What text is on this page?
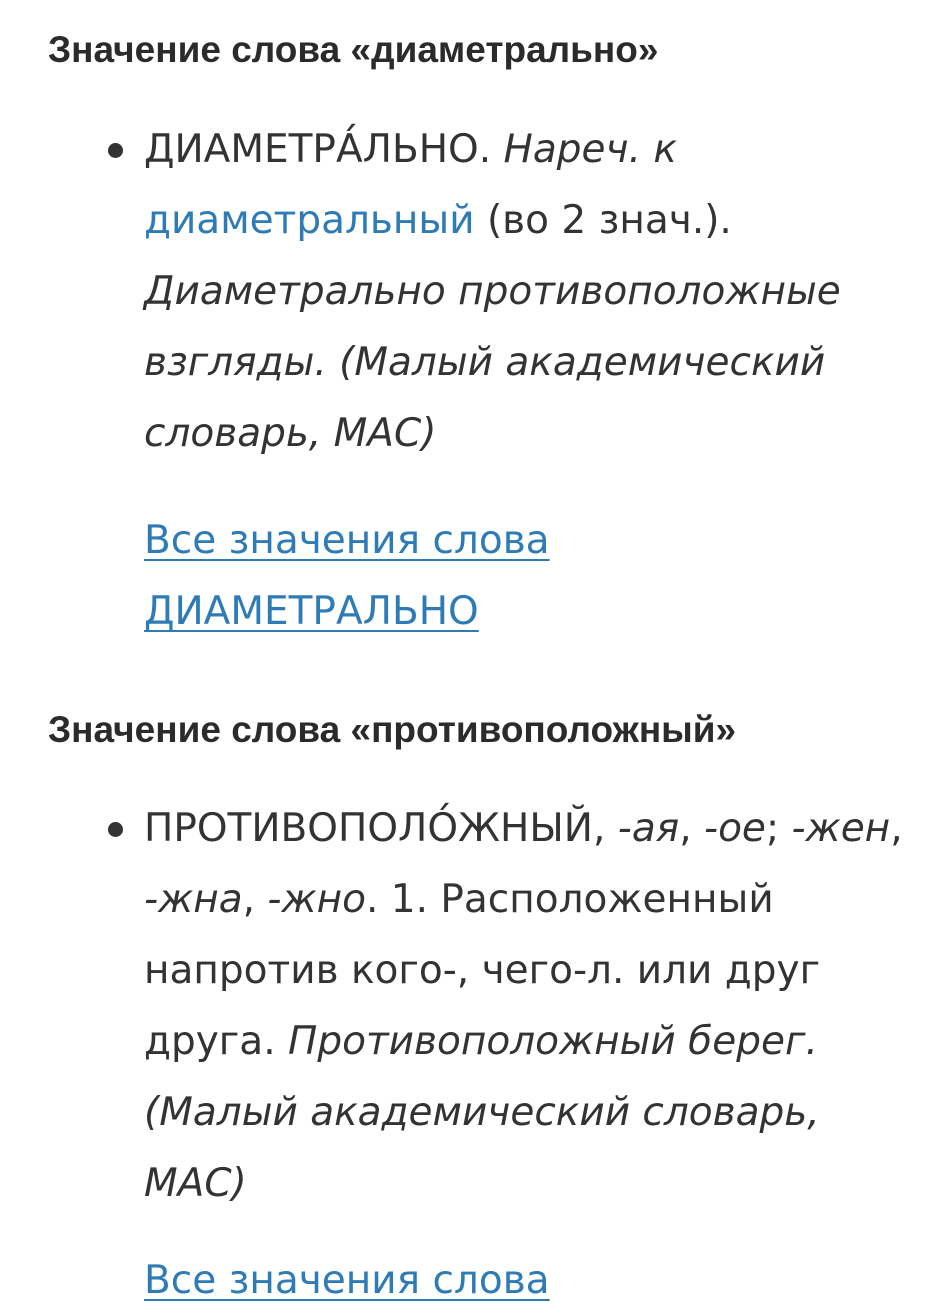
Значение слова «диаметрально»

ДИАМЕТРА́ЛЬНО. Нареч. к диаметральный (во 2 знач.). Диаметрально противоположные взгляды. (Малый академический словарь, МАС)

Все значения слова
ДИАМЕТРАЛЬНО
Значение слова «противоположный»

ПРОТИВОПОЛО́ЖНЫЙ, -ая, -ое; -жен, -жна, -жно. 1. Расположенный напротив кого-, чего-л. или друг друга. Противоположный берег. (Малый академический словарь, МАС)

Все значения слова
